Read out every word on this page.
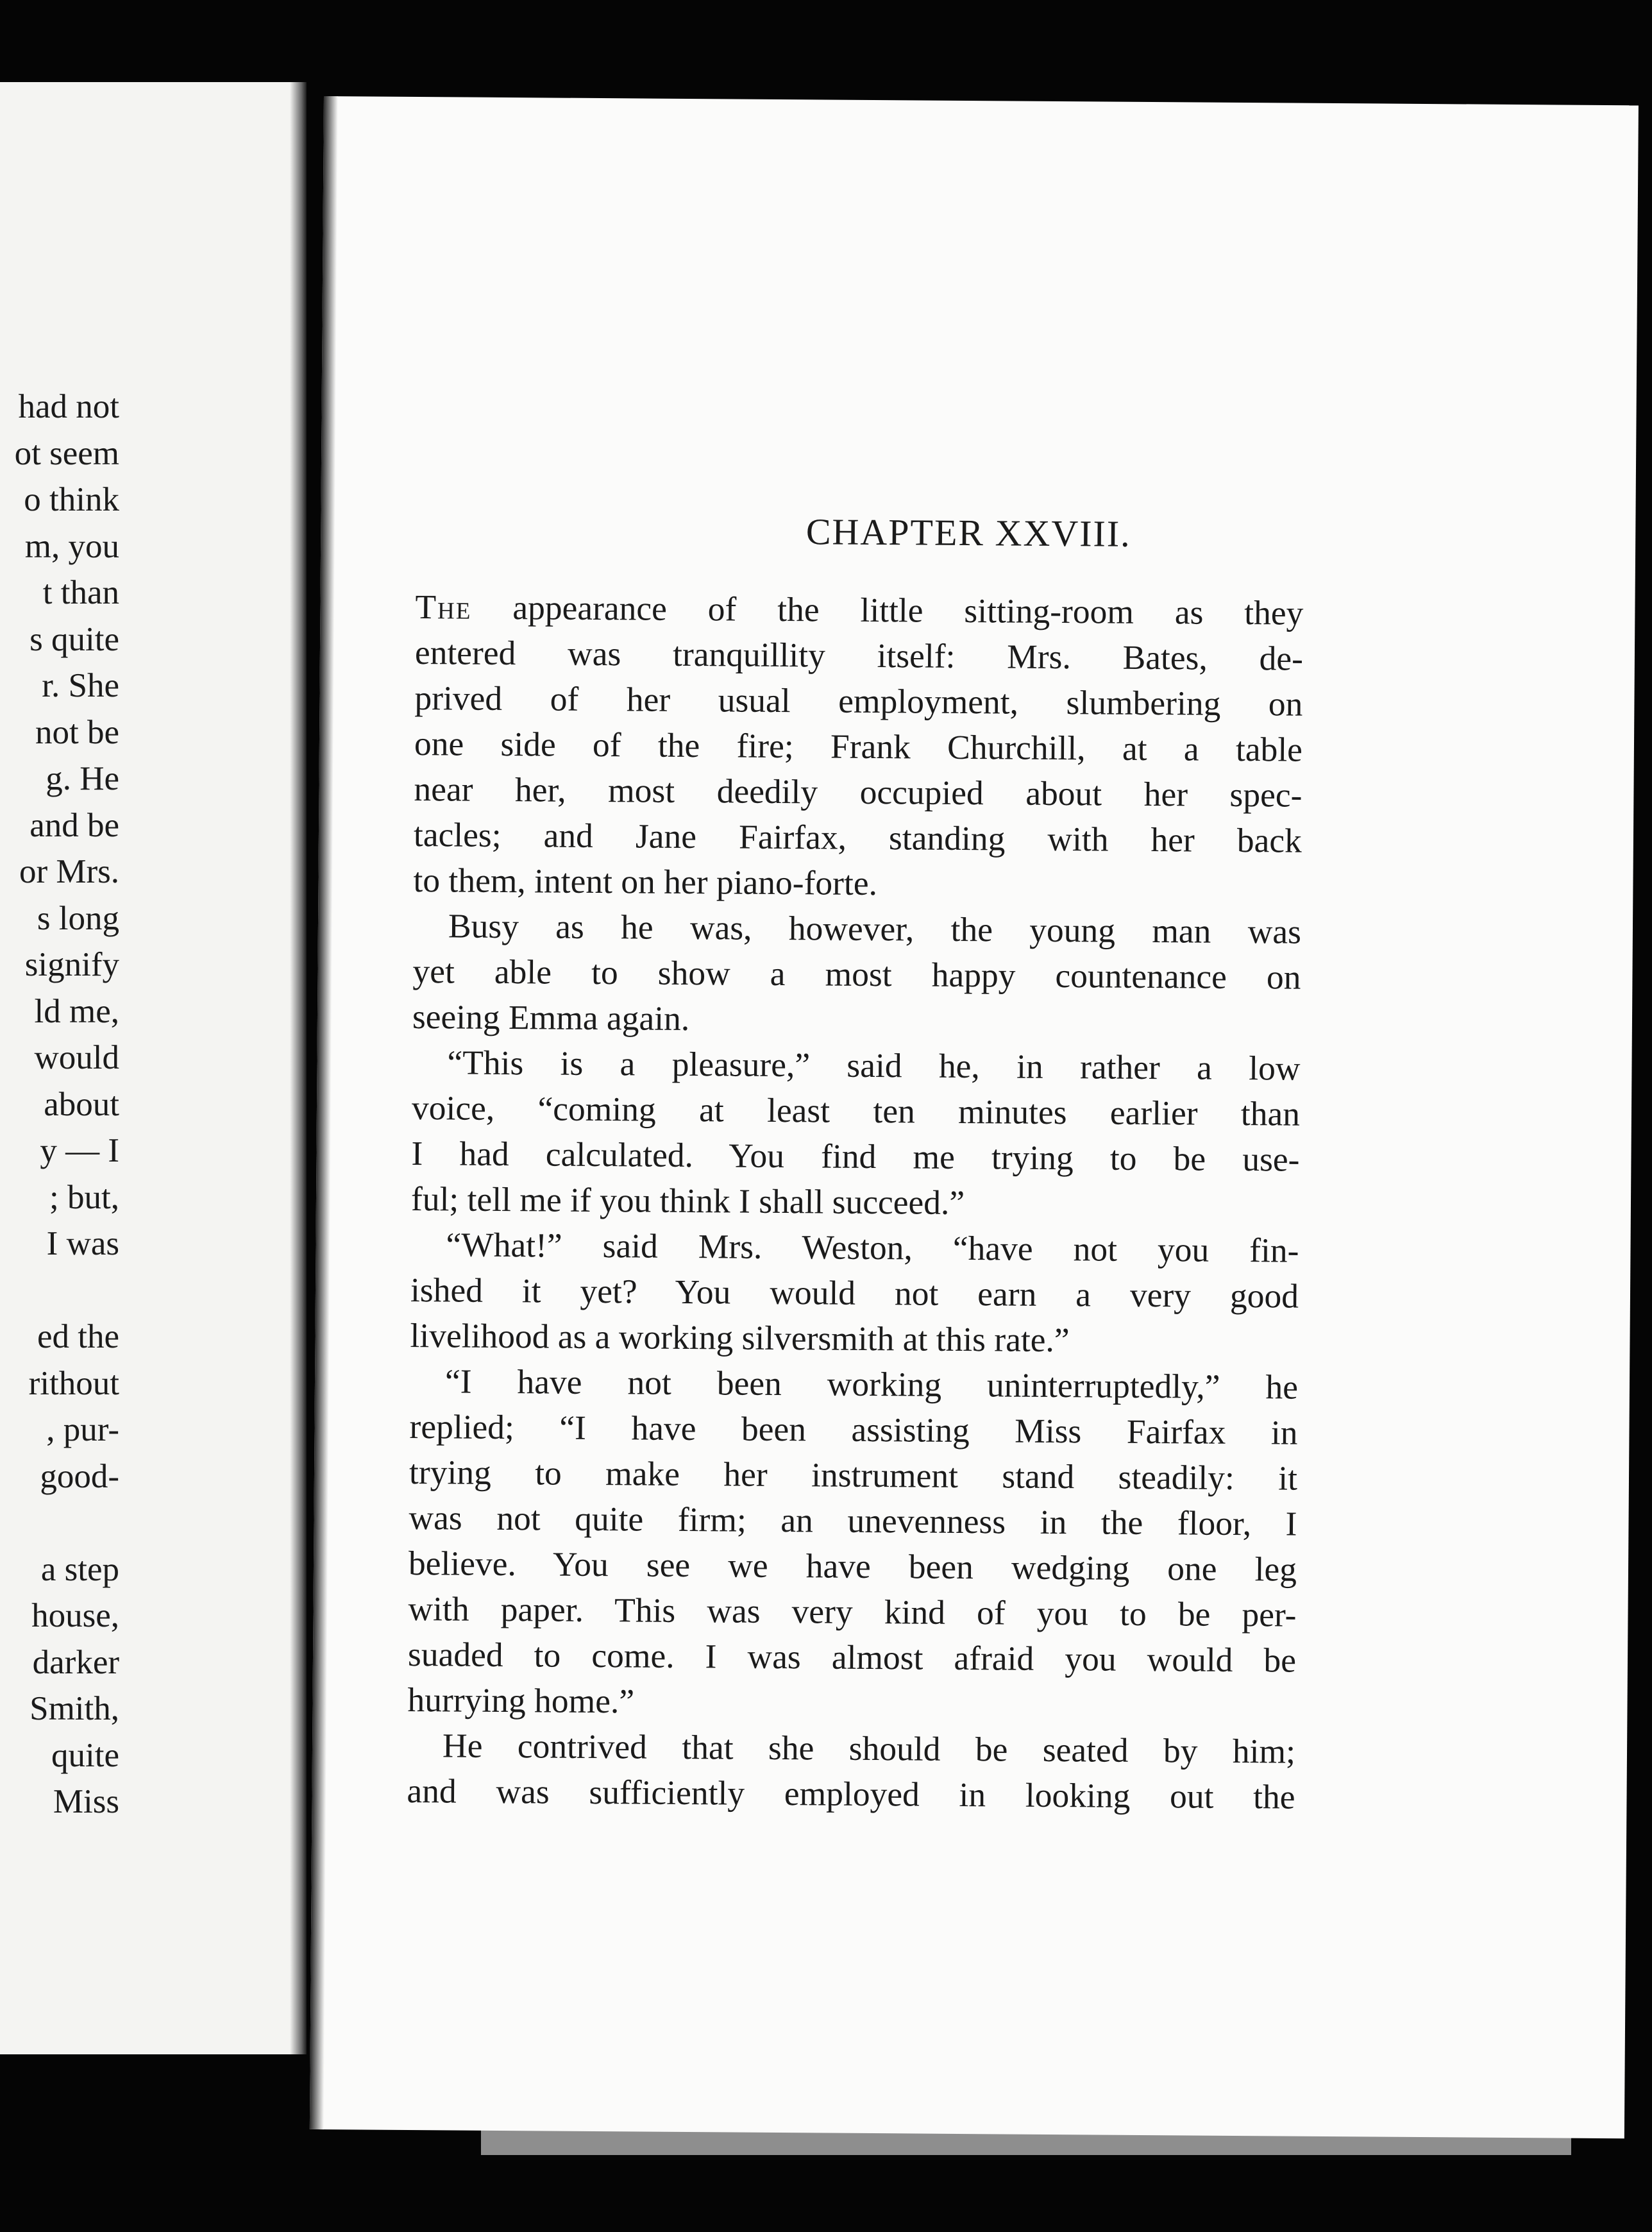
had not
ot seem
o think
m, you
t than
s quite
r. She
not be
g. He
and be
or Mrs.
s long
signify
ld me,
would
about
y — I
; but,
I was
ed the
rithout
, pur-
good-
a step
house,
darker
Smith,
quite
Miss
CHAPTER XXVIII.

The appearance of the little sitting-room as they
entered was tranquillity itself: Mrs. Bates, de-
prived of her usual employment, slumbering on
one side of the fire; Frank Churchill, at a table
near her, most deedily occupied about her spec-
tacles; and Jane Fairfax, standing with her back
to them, intent on her piano-forte.

Busy as he was, however, the young man was
yet able to show a most happy countenance on
seeing Emma again.

“This is a pleasure,” said he, in rather a low
voice, “coming at least ten minutes earlier than
I had calculated. You find me trying to be use-
ful; tell me if you think I shall succeed.”

“What!” said Mrs. Weston, “have not you fin-
ished it yet? You would not earn a very good
livelihood as a working silversmith at this rate.”

“I have not been working uninterruptedly,” he
replied; “I have been assisting Miss Fairfax in
trying to make her instrument stand steadily: it
was not quite firm; an unevenness in the floor, I
believe. You see we have been wedging one leg
with paper. This was very kind of you to be per-
suaded to come. I was almost afraid you would be
hurrying home.”

He contrived that she should be seated by him;
and was sufficiently employed in looking out the
